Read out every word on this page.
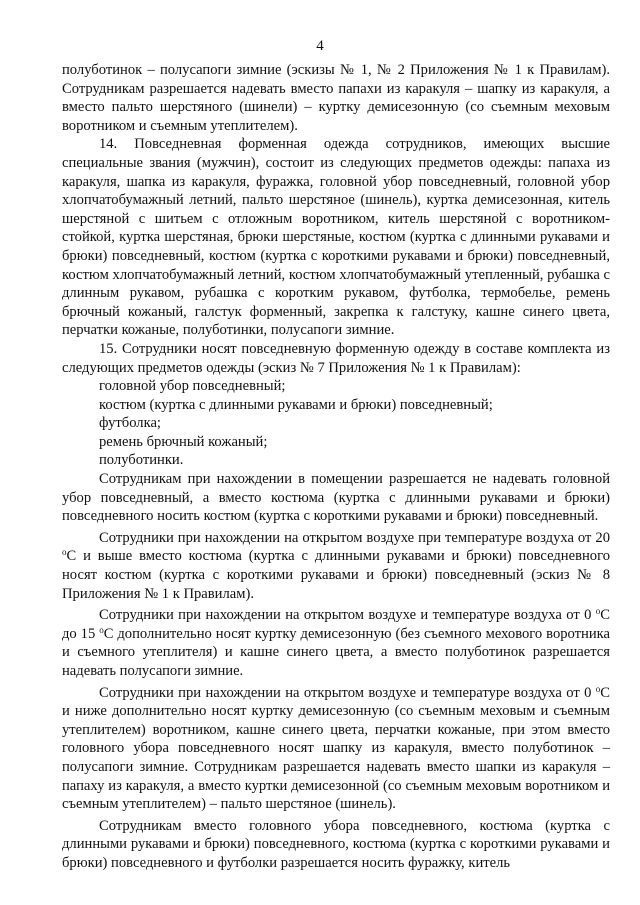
4

полуботинок – полусапоги зимние (эскизы № 1, № 2 Приложения № 1 к Правилам). Сотрудникам разрешается надевать вместо папахи из каракуля – шапку из каракуля, а вместо пальто шерстяного (шинели) – куртку демисезонную (со съемным меховым воротником и съемным утеплителем).

14. Повседневная форменная одежда сотрудников, имеющих высшие специальные звания (мужчин), состоит из следующих предметов одежды: папаха из каракуля, шапка из каракуля, фуражка, головной убор повседневный, головной убор хлопчатобумажный летний, пальто шерстяное (шинель), куртка демисезонная, китель шерстяной с шитьем с отложным воротником, китель шерстяной с воротником-стойкой, куртка шерстяная, брюки шерстяные, костюм (куртка с длинными рукавами и брюки) повседневный, костюм (куртка с короткими рукавами и брюки) повседневный, костюм хлопчатобумажный летний, костюм хлопчатобумажный утепленный, рубашка с длинным рукавом, рубашка с коротким рукавом, футболка, термобелье, ремень брючный кожаный, галстук форменный, закрепка к галстуку, кашне синего цвета, перчатки кожаные, полуботинки, полусапоги зимние.

15. Сотрудники носят повседневную форменную одежду в составе комплекта из следующих предметов одежды (эскиз № 7 Приложения № 1 к Правилам):

головной убор повседневный;
костюм (куртка с длинными рукавами и брюки) повседневный;
футболка;
ремень брючный кожаный;
полуботинки.

Сотрудникам при нахождении в помещении разрешается не надевать головной убор повседневный, а вместо костюма (куртка с длинными рукавами и брюки) повседневного носить костюм (куртка с короткими рукавами и брюки) повседневный.

Сотрудники при нахождении на открытом воздухе при температуре воздуха от 20 $^о$С и выше вместо костюма (куртка с длинными рукавами и брюки) повседневного носят костюм (куртка с короткими рукавами и брюки) повседневный (эскиз № 8 Приложения № 1 к Правилам).

Сотрудники при нахождении на открытом воздухе и температуре воздуха от 0 $^о$С до 15 $^о$С дополнительно носят куртку демисезонную (без съемного мехового воротника и съемного утеплителя) и кашне синего цвета, а вместо полуботинок разрешается надевать полусапоги зимние.

Сотрудники при нахождении на открытом воздухе и температуре воздуха от 0 $^о$С и ниже дополнительно носят куртку демисезонную (со съемным меховым и съемным утеплителем) воротником, кашне синего цвета, перчатки кожаные, при этом вместо головного убора повседневного носят шапку из каракуля, вместо полуботинок – полусапоги зимние. Сотрудникам разрешается надевать вместо шапки из каракуля – папаху из каракуля, а вместо куртки демисезонной (со съемным меховым воротником и съемным утеплителем) – пальто шерстяное (шинель).

Сотрудникам вместо головного убора повседневного, костюма (куртка с длинными рукавами и брюки) повседневного, костюма (куртка с короткими рукавами и брюки) повседневного и футболки разрешается носить фуражку, китель
